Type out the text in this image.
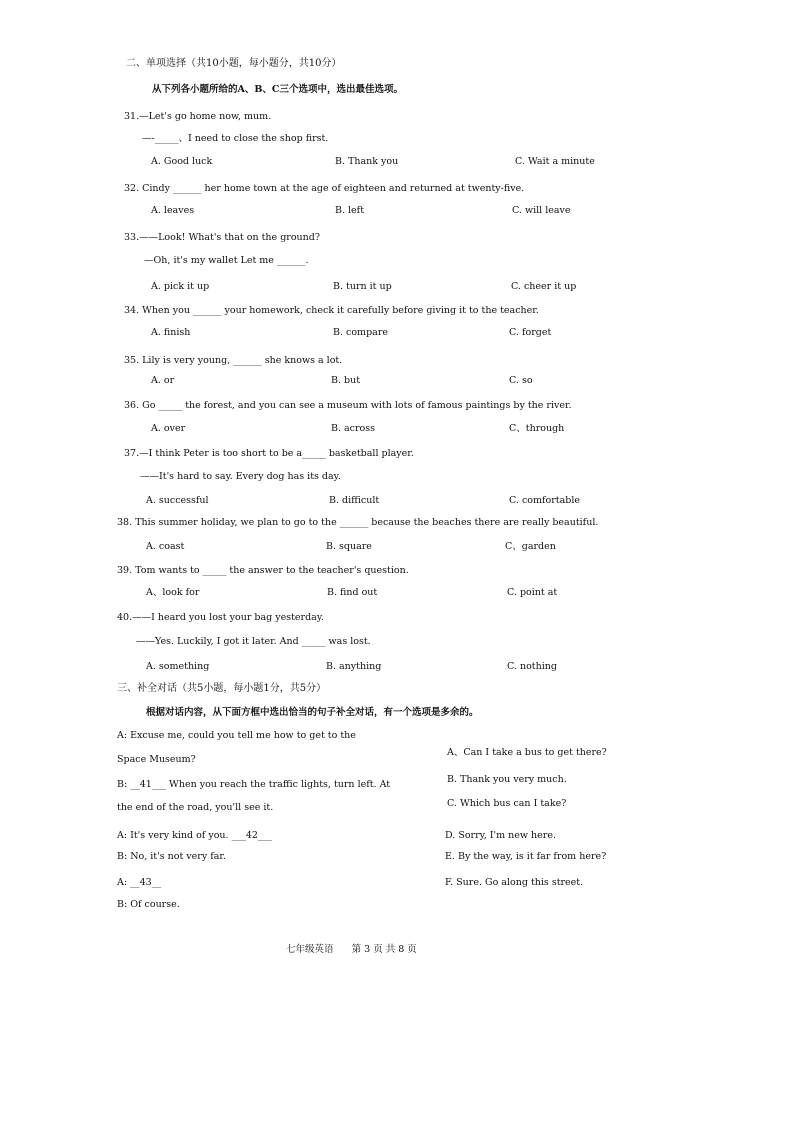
二、单项选择（共10小题，每小题分，共10分）
从下列各小题所给的A、B、C三个选项中，选出最佳选项。
31.—Let's go home now, mum.
—-_____、I need to close the shop first.
A. Good luck	B. Thank you	C. Wait a minute
32. Cindy ______ her home town at the age of eighteen and returned at twenty-five.
A. leaves	B. left	C. will leave
33.——Look! What's that on the ground?
—Oh, it's my wallet Let me ______.
A. pick it up	B. turn it up	C. cheer it up
34. When you ______ your homework, check it carefully before giving it to the teacher.
A. finish	B. compare	C. forget
35. Lily is very young, ______ she knows a lot.
A. or	B. but	C. so
36. Go _____ the forest, and you can see a museum with lots of famous paintings by the river.
A. over	B. across	C、through
37.—I think Peter is too short to be a_____ basketball player.
——It's hard to say. Every dog has its day.
A. successful	B. difficult	C. comfortable
38. This summer holiday, we plan to go to the ______ because the beaches there are really beautiful.
A. coast	B. square	C、garden
39. Tom wants to _____ the answer to the teacher's question.
A、look for	B. find out	C. point at
40.——I heard you lost your bag yesterday.
——Yes. Luckily, I got it later. And _____ was lost.
A. something	B. anything	C. nothing
三、补全对话（共5小题，每小题1分，共5分）
根据对话内容，从下面方框中选出恰当的句子补全对话，有一个选项是多余的。
A: Excuse me, could you tell me how to get to the
Space Museum?
B: __41___ When you reach the traffic lights, turn left. At
the end of the road, you'll see it.
A: It's very kind of you. ___42___
B: No, it's not very far.
A: __43__
B: Of course.
A、Can I take a bus to get there?
B. Thank you very much.
C. Which bus can I take?
D. Sorry, I'm new here.
E. By the way, is it far from here?
F. Sure. Go along this street.
七年级英语      第 3 页 共 8 页
